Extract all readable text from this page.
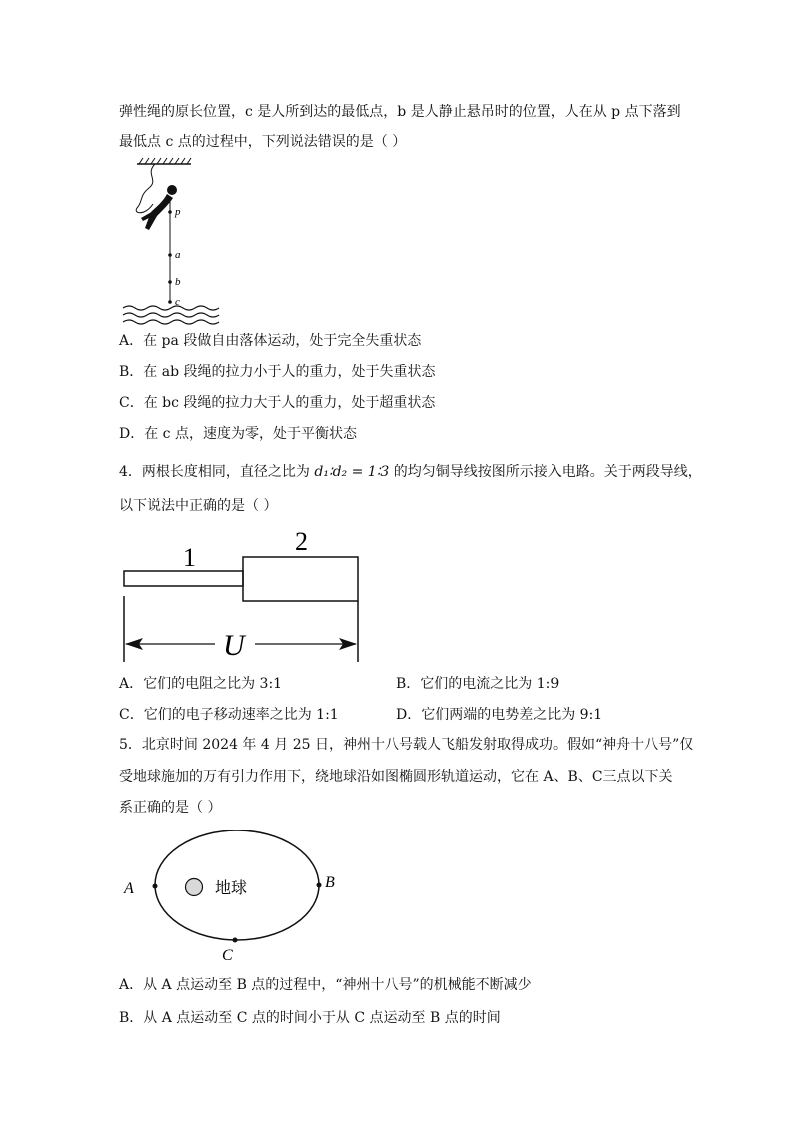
弹性绳的原长位置，c 是人所到达的最低点，b 是人静止悬吊时的位置，人在从 p 点下落到
最低点 c 点的过程中，下列说法错误的是（ ）
p
a
b
c
A．在 pa 段做自由落体运动，处于完全失重状态
B．在 ab 段绳的拉力小于人的重力，处于失重状态
C．在 bc 段绳的拉力大于人的重力，处于超重状态
D．在 c 点，速度为零，处于平衡状态
4．两根长度相同，直径之比为 d₁∶d₂ = 1∶3 的均匀铜导线按图所示接入电路。关于两段导线，
以下说法中正确的是（ ）
1
2
U
A．它们的电阻之比为 3:1	B．它们的电流之比为 1:9
C．它们的电子移动速率之比为 1:1	D．它们两端的电势差之比为 9:1
5．北京时间 2024 年 4 月 25 日，神州十八号载人飞船发射取得成功。假如“神舟十八号”仅
受地球施加的万有引力作用下，绕地球沿如图椭圆形轨道运动，它在 A、B、C三点以下关
系正确的是（ ）
A	B
C
地球
A．从 A 点运动至 B 点的过程中，“神州十八号”的机械能不断减少
B．从 A 点运动至 C 点的时间小于从 C 点运动至 B 点的时间
